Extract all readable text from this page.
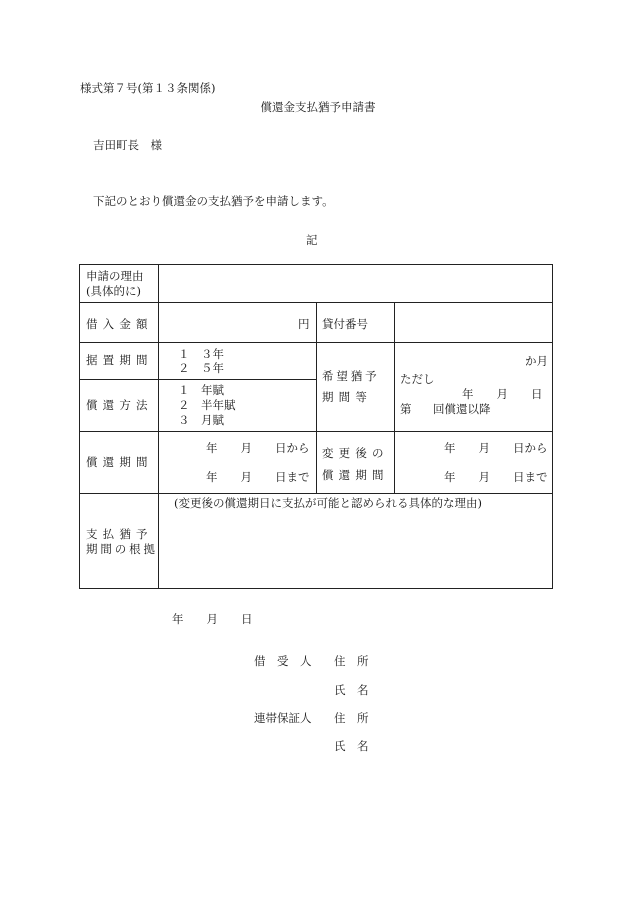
様式第７号(第１３条関係)
償還金支払猶予申請書
吉田町長　様
下記のとおり償還金の支払猶予を申請します。
記
申請の理由
(具体的に)
借入金額	円 貸付番号
据置期間 １　３年
２　５年
償還方法
１　年賦
２　半年賦
３　月賦
希望猶予
期間等
か月
ただし
年　　月　　日
第 回償還以降
償還期間
年　　月　　日から
年　　月　　日まで
変更後の
償還期間
年　　月　　日から
年　　月　　日まで
(変更後の償還期日に支払が可能と認められる具体的な理由)
支払猶予
期間の根拠
年　　月　　日
借　受　人 住　所
氏　名
連帯保証人 住　所
氏　名
